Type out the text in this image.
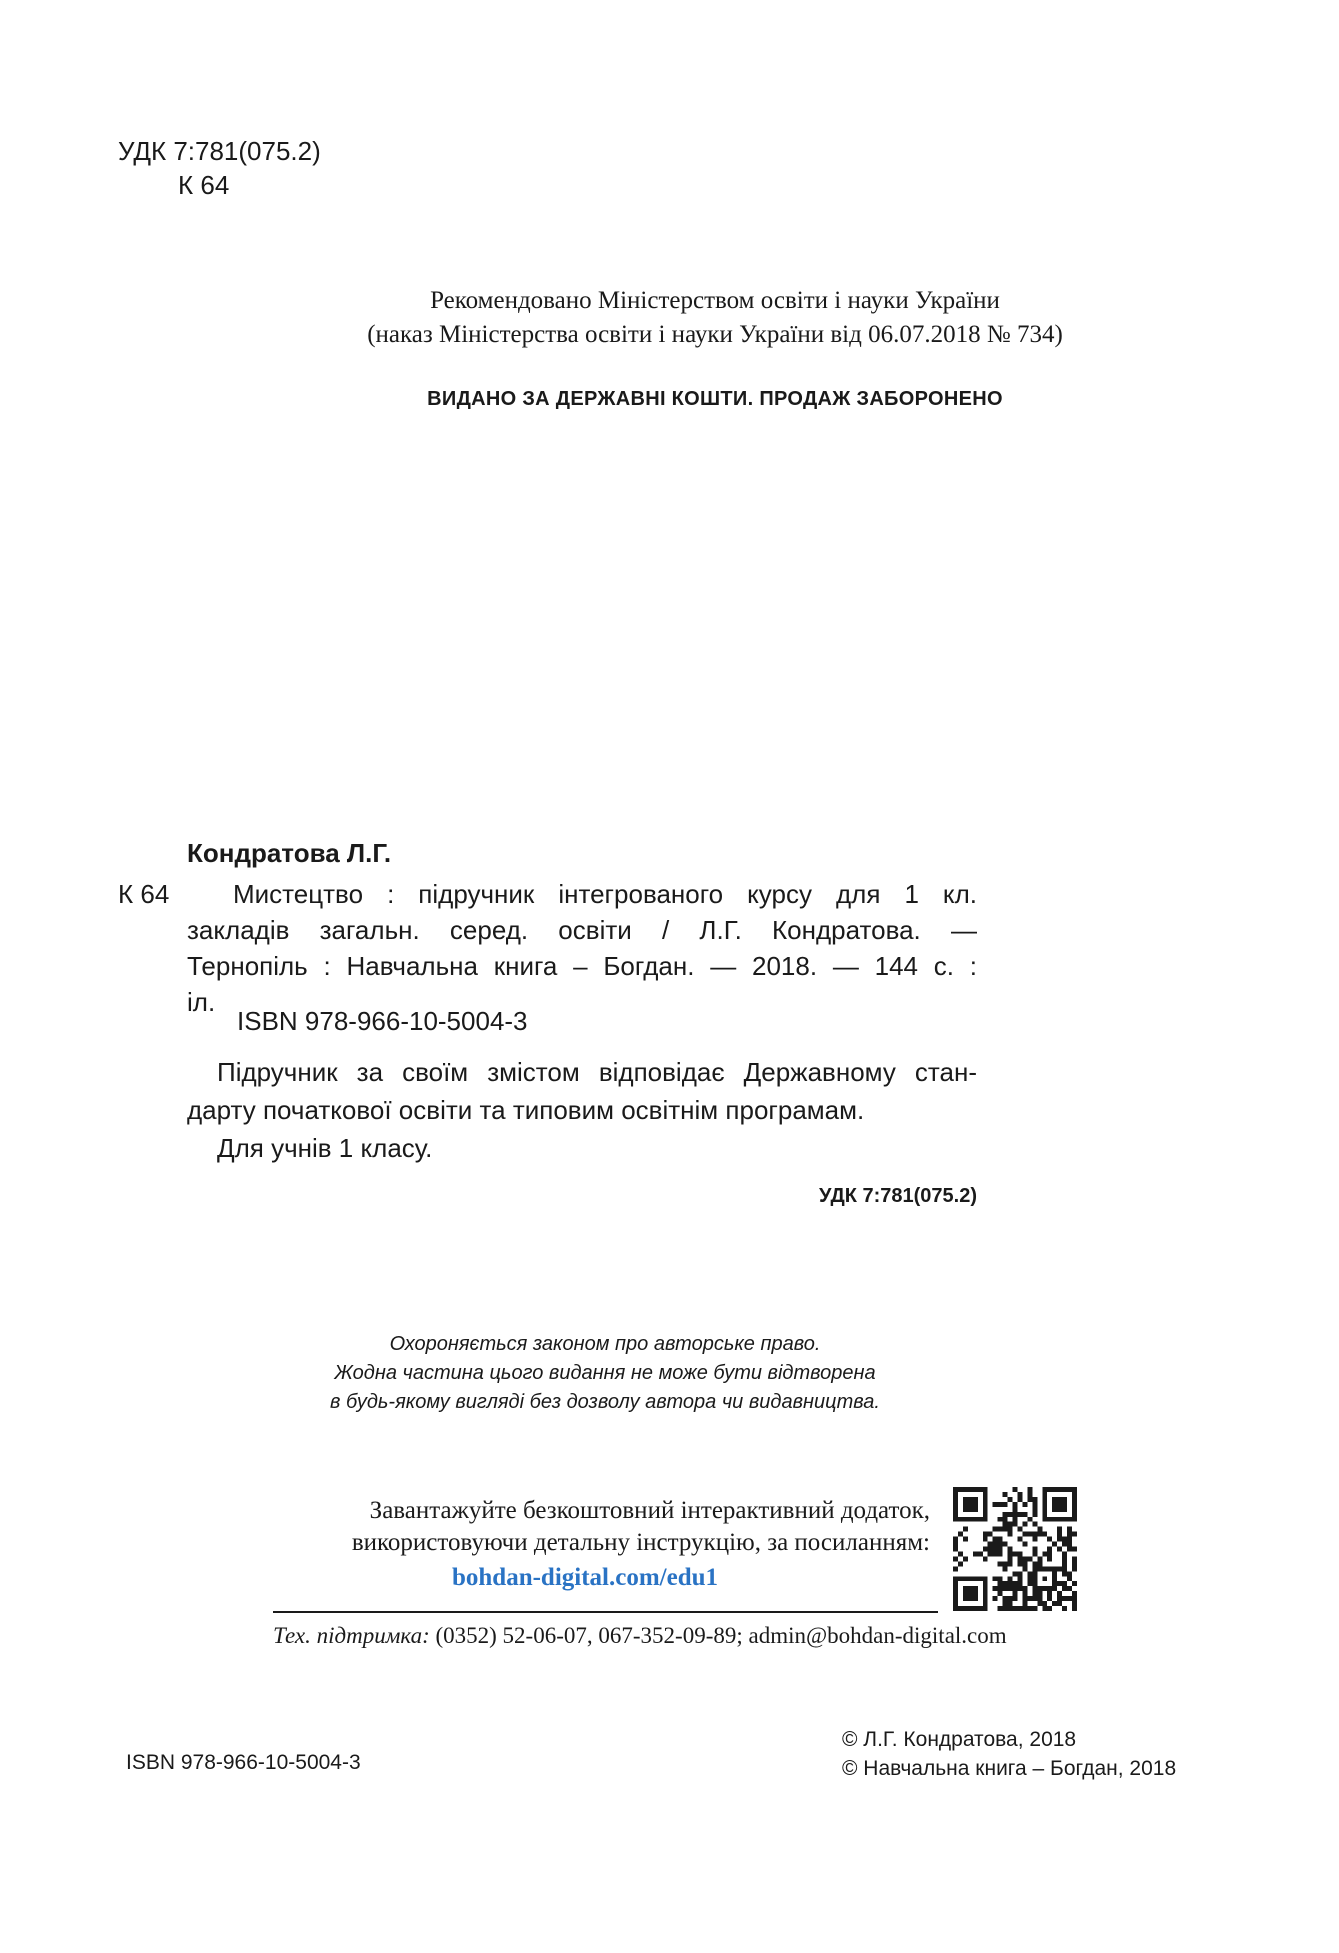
УДК 7:781(075.2)
К 64
Рекомендовано Міністерством освіти і науки України
(наказ Міністерства освіти і науки України від 06.07.2018 № 734)
ВИДАНО ЗА ДЕРЖАВНІ КОШТИ. ПРОДАЖ ЗАБОРОНЕНО
Кондратова Л.Г.
К 64	Мистецтво : підручник інтегрованого курсу для 1 кл.
закладів загальн. серед. освіти / Л.Г. Кондратова. —
Тернопіль : Навчальна книга – Богдан. — 2018. — 144 с. :
іл.
ISBN 978-966-10-5004-3
Підручник за своїм змістом відповідає Державному стан-
дарту початкової освіти та типовим освітнім програмам.
Для учнів 1 класу.
УДК 7:781(075.2)
Охороняється законом про авторське право.
Жодна частина цього видання не може бути відтворена
в будь-якому вигляді без дозволу автора чи видавництва.
Завантажуйте безкоштовний інтерактивний додаток,
використовуючи детальну інструкцію, за посиланням:
bohdan-digital.com/edu1
Тех. підтримка: (0352) 52-06-07, 067-352-09-89; admin@bohdan-digital.com
ISBN 978-966-10-5004-3
© Л.Г. Кондратова, 2018
© Навчальна книга – Богдан, 2018
